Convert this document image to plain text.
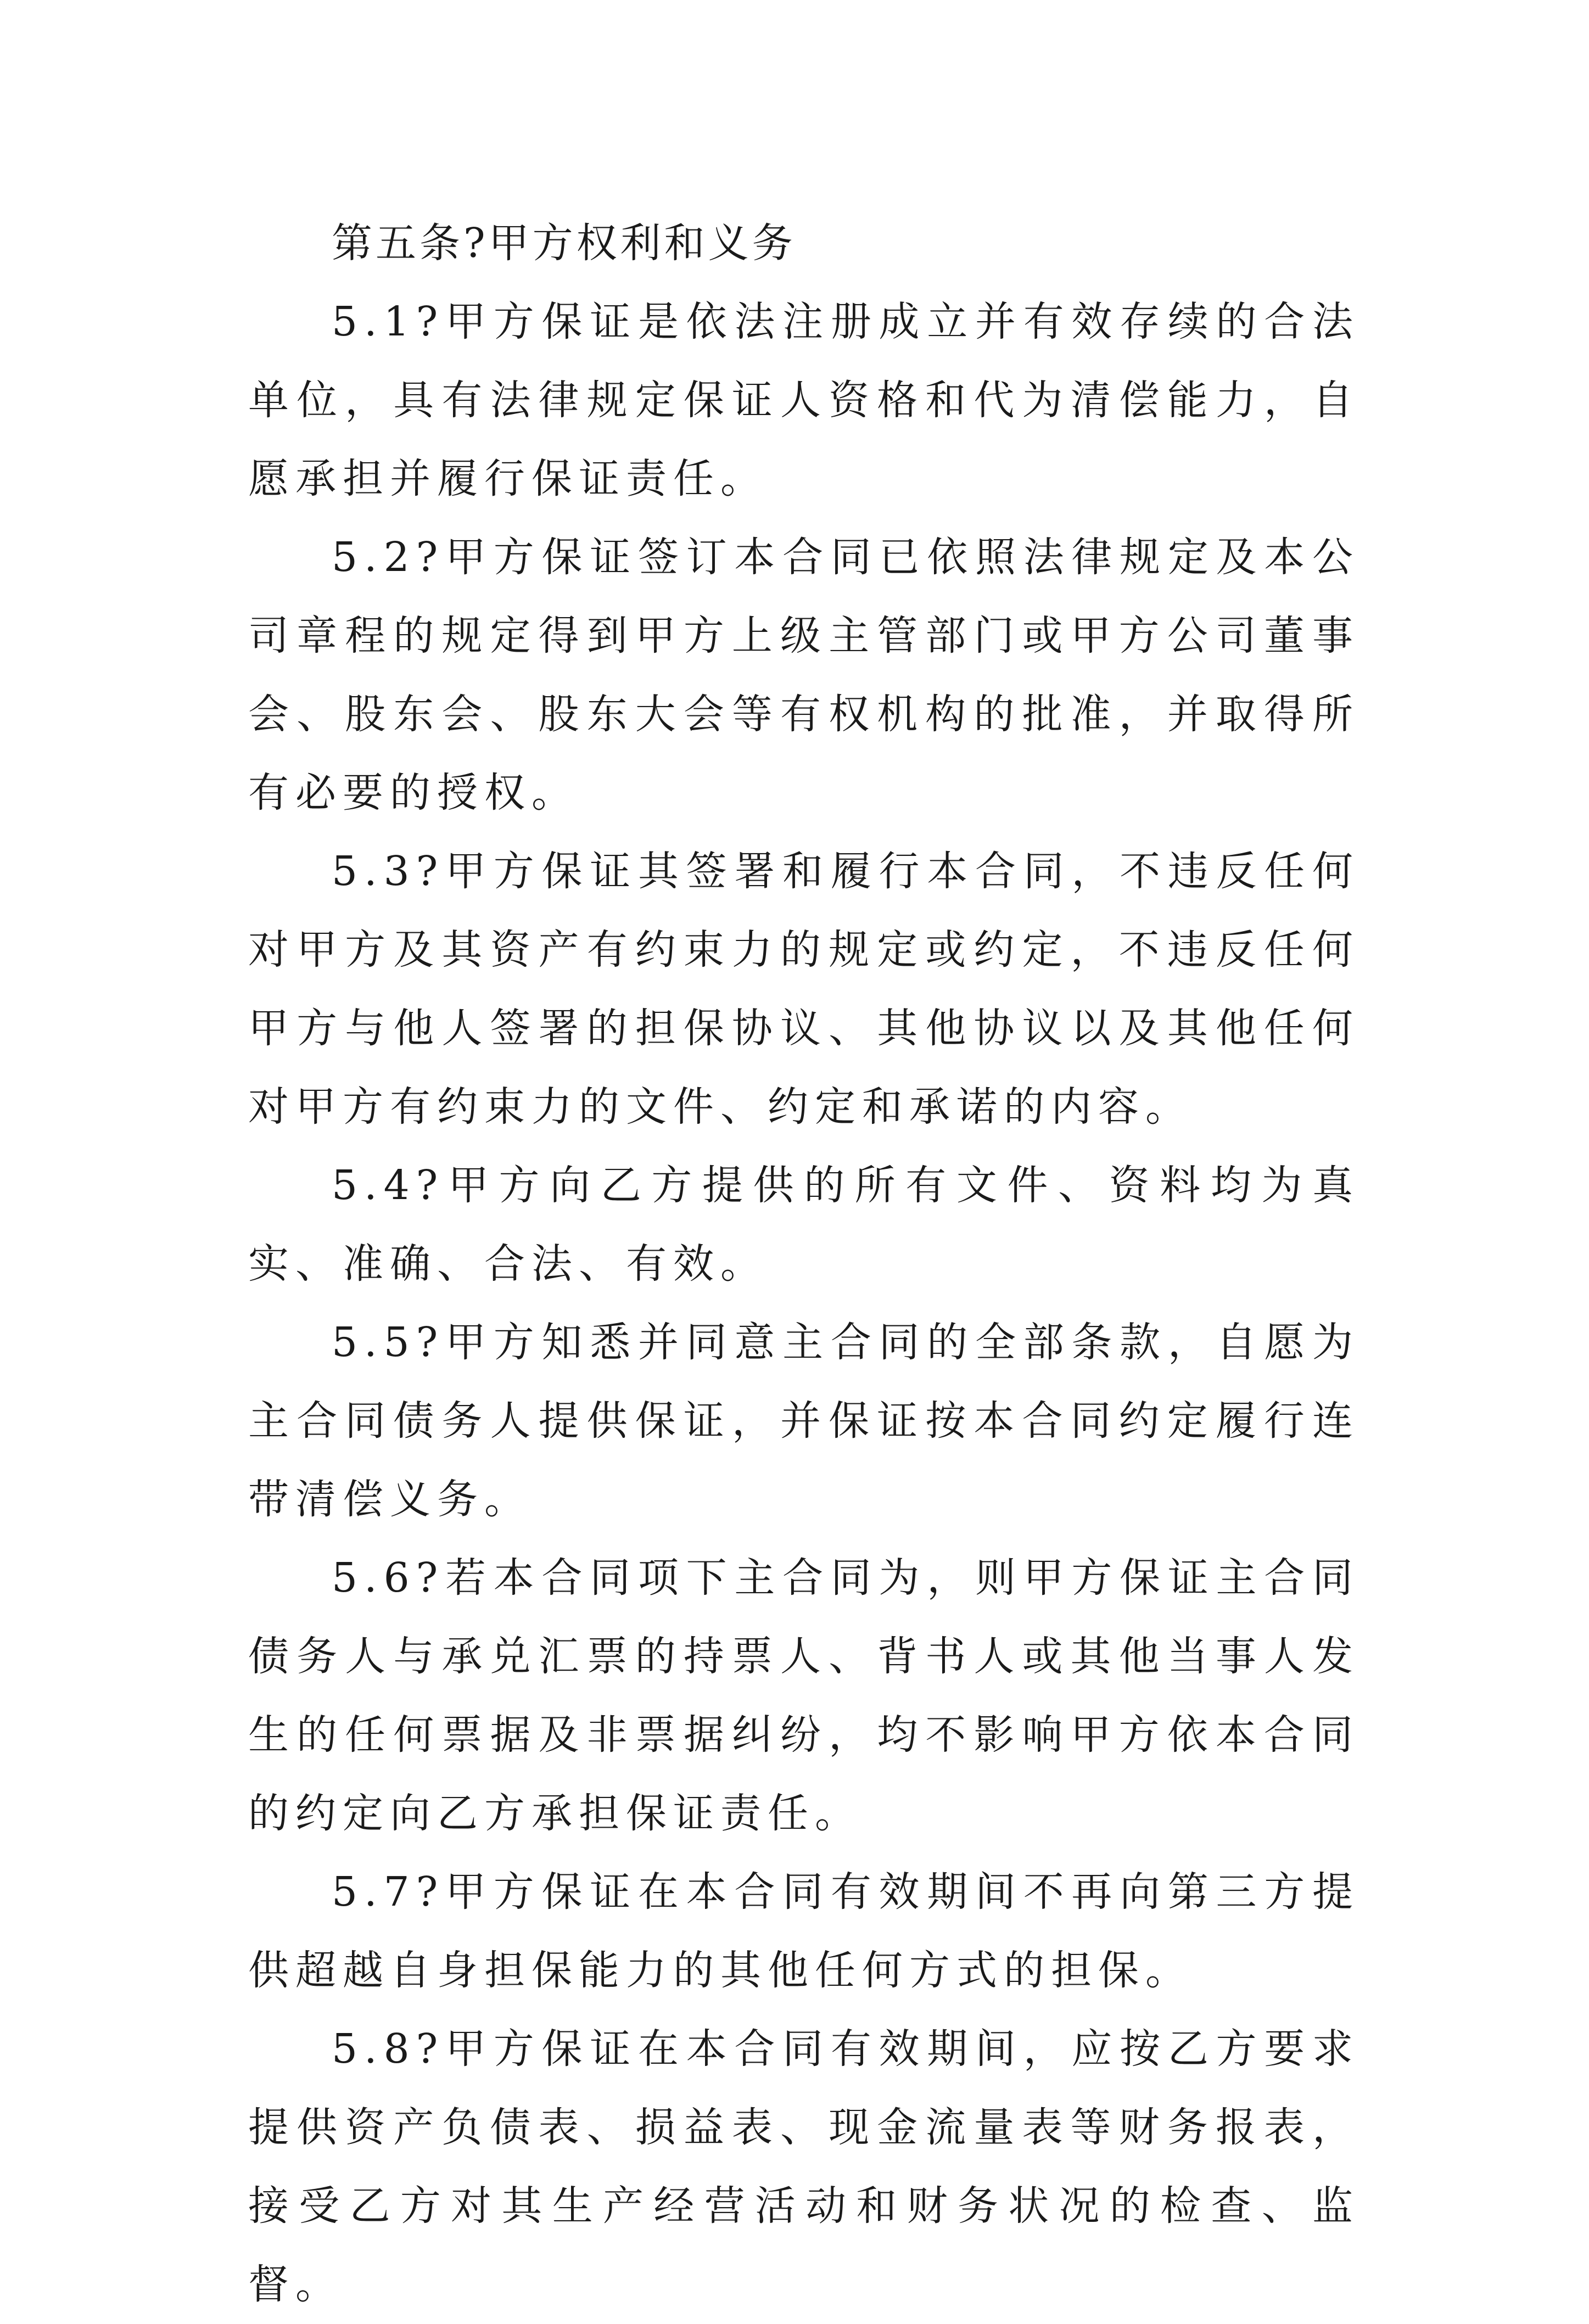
第五条?甲方权利和义务

5.1?甲方保证是依法注册成立并有效存续的合法单位，具有法律规定保证人资格和代为清偿能力，自愿承担并履行保证责任。

5.2?甲方保证签订本合同已依照法律规定及本公司章程的规定得到甲方上级主管部门或甲方公司董事会、股东会、股东大会等有权机构的批准，并取得所有必要的授权。

5.3?甲方保证其签署和履行本合同，不违反任何对甲方及其资产有约束力的规定或约定，不违反任何甲方与他人签署的担保协议、其他协议以及其他任何对甲方有约束力的文件、约定和承诺的内容。

5.4?甲方向乙方提供的所有文件、资料均为真实、准确、合法、有效。

5.5?甲方知悉并同意主合同的全部条款，自愿为主合同债务人提供保证，并保证按本合同约定履行连带清偿义务。

5.6?若本合同项下主合同为，则甲方保证主合同债务人与承兑汇票的持票人、背书人或其他当事人发生的任何票据及非票据纠纷，均不影响甲方依本合同的约定向乙方承担保证责任。

5.7?甲方保证在本合同有效期间不再向第三方提供超越自身担保能力的其他任何方式的担保。

5.8?甲方保证在本合同有效期间，应按乙方要求提供资产负债表、损益表、现金流量表等财务报表，接受乙方对其生产经营活动和财务状况的检查、监督。
